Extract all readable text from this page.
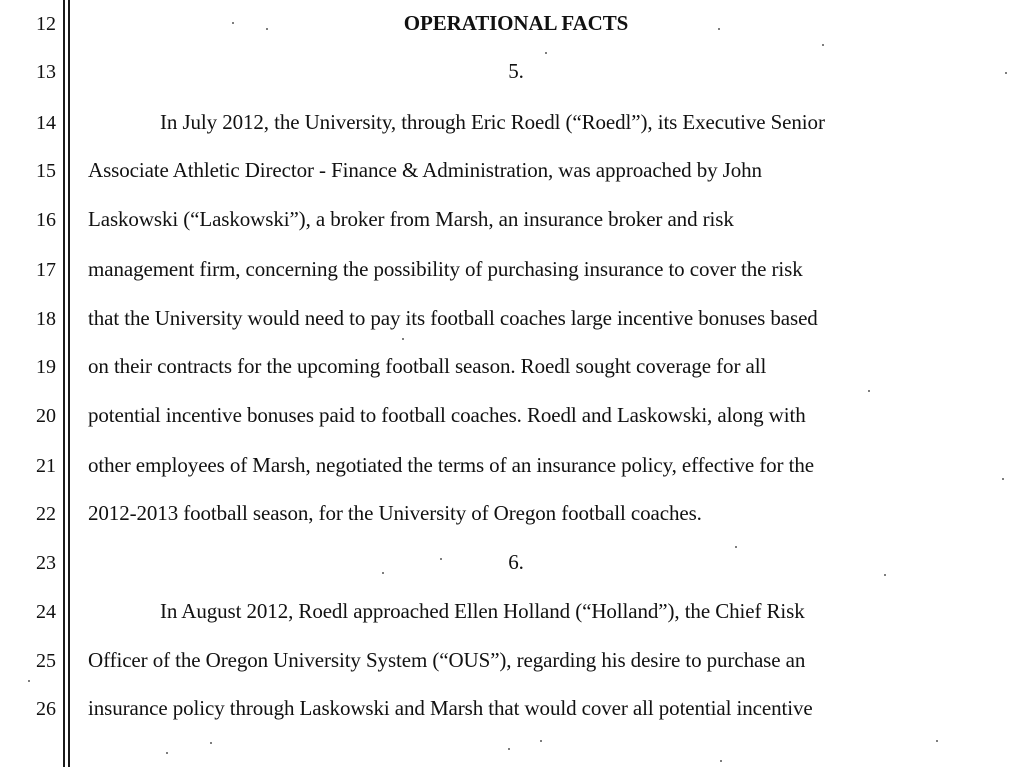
12
13
14
15
16
17
18
19
20
21
22
23
24
25
26
OPERATIONAL FACTS
5.
In July 2012, the University, through Eric Roedl (“Roedl”), its Executive Senior
Associate Athletic Director - Finance & Administration, was approached by John
Laskowski (“Laskowski”), a broker from Marsh, an insurance broker and risk
management firm, concerning the possibility of purchasing insurance to cover the risk
that the University would need to pay its football coaches large incentive bonuses based
on their contracts for the upcoming football season. Roedl sought coverage for all
potential incentive bonuses paid to football coaches. Roedl and Laskowski, along with
other employees of Marsh, negotiated the terms of an insurance policy, effective for the
2012-2013 football season, for the University of Oregon football coaches.
6.
In August 2012, Roedl approached Ellen Holland (“Holland”), the Chief Risk
Officer of the Oregon University System (“OUS”), regarding his desire to purchase an
insurance policy through Laskowski and Marsh that would cover all potential incentive
